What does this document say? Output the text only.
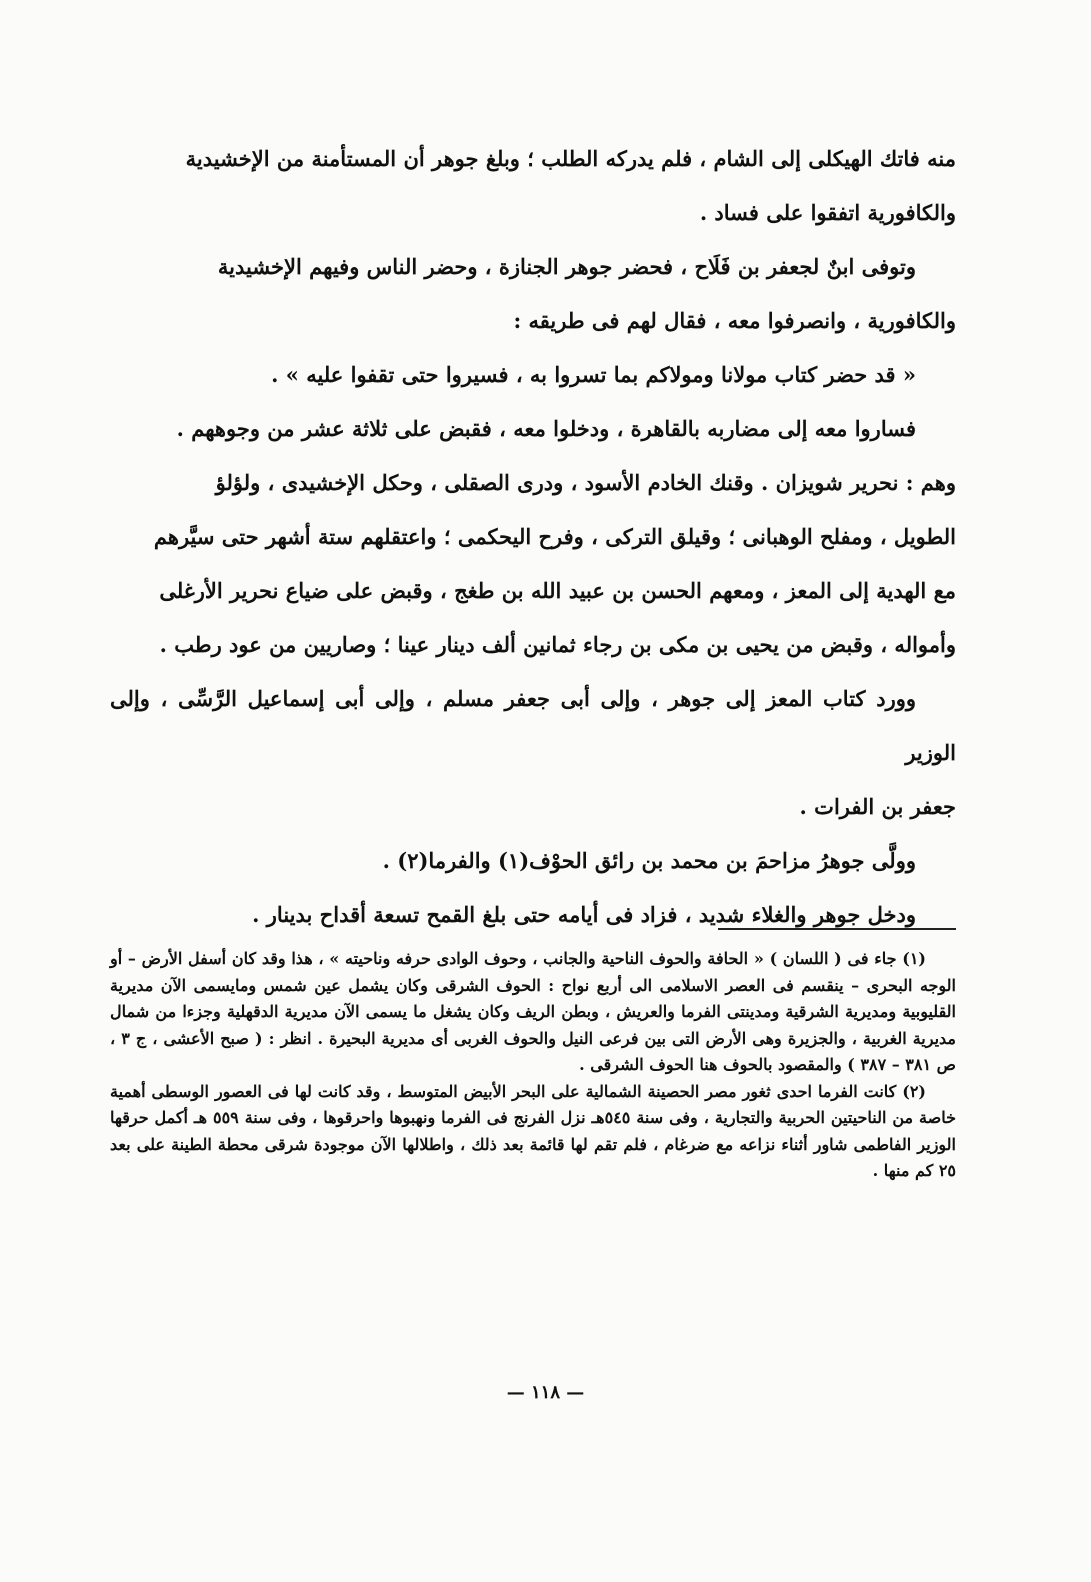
منه فاتك الهيكلى إلى الشام ، فلم يدركه الطلب ؛ وبلغ جوهر أن المستأمنة من الإخشيدية

والكافورية اتفقوا على فساد .

وتوفى ابنٌ لجعفر بن فَلَاح ، فحضر جوهر الجنازة ، وحضر الناس وفيهم الإخشيدية

والكافورية ، وانصرفوا معه ، فقال لهم فى طريقه :

« قد حضر كتاب مولانا ومولاكم بما تسروا به ، فسيروا حتى تقفوا عليه » .

فساروا معه إلى مضاربه بالقاهرة ، ودخلوا معه ، فقبض على ثلاثة عشر من وجوههم .

وهم : نحرير شويزان . وقنك الخادم الأسود ، ودرى الصقلى ، وحكل الإخشيدى ، ولؤلؤ

الطويل ، ومفلح الوهبانى ؛ وقيلق التركى ، وفرح اليحكمى ؛ واعتقلهم ستة أشهر حتى سيَّرهم

مع الهدية إلى المعز ، ومعهم الحسن بن عبيد الله بن طغج ، وقبض على ضياع نحرير الأرغلى

وأمواله ، وقبض من يحيى بن مكى بن رجاء ثمانين ألف دينار عينا ؛ وصاريين من عود رطب .

وورد كتاب المعز إلى جوهر ، وإلى أبى جعفر مسلم ، وإلى أبى إسماعيل الرَّسِّى ، وإلى الوزير

جعفر بن الفرات .

وولَّى جوهرُ مزاحمَ بن محمد بن رائق الحوْف(١) والفرما(٢) .

ودخل جوهر والغلاء شديد ، فزاد فى أيامه حتى بلغ القمح تسعة أقداح بدينار .

(١) جاء فى ( اللسان ) « الحافة والحوف الناحية والجانب ، وحوف الوادى حرفه وناحيته » ، هذا وقد كان أسفل الأرض – أو الوجه البحرى – ينقسم فى العصر الاسلامى الى أربع نواح : الحوف الشرقى وكان يشمل عين شمس ومايسمى الآن مديرية القليوبية ومديرية الشرقية ومدينتى الفرما والعريش ، وبطن الريف وكان يشغل ما يسمى الآن مديرية الدقهلية وجزءا من شمال مديرية الغربية ، والجزيرة وهى الأرض التى بين فرعى النيل والحوف الغربى أى مديرية البحيرة . انظر : ( صبح الأعشى ، ج ٣ ، ص ٣٨١ – ٣٨٧ ) والمقصود بالحوف هنا الحوف الشرقى .

(٢) كانت الفرما احدى ثغور مصر الحصينة الشمالية على البحر الأبيض المتوسط ، وقد كانت لها فى العصور الوسطى أهمية خاصة من الناحيتين الحربية والتجارية ، وفى سنة ٥٤٥هـ نزل الفرنج فى الفرما ونهبوها واحرقوها ، وفى سنة ٥٥٩ هـ أكمل حرقها الوزير الفاطمى شاور أثناء نزاعه مع ضرغام ، فلم تقم لها قائمة بعد ذلك ، واطلالها الآن موجودة شرقى محطة الطينة على بعد ٢٥ كم منها .

— ١١٨ —
